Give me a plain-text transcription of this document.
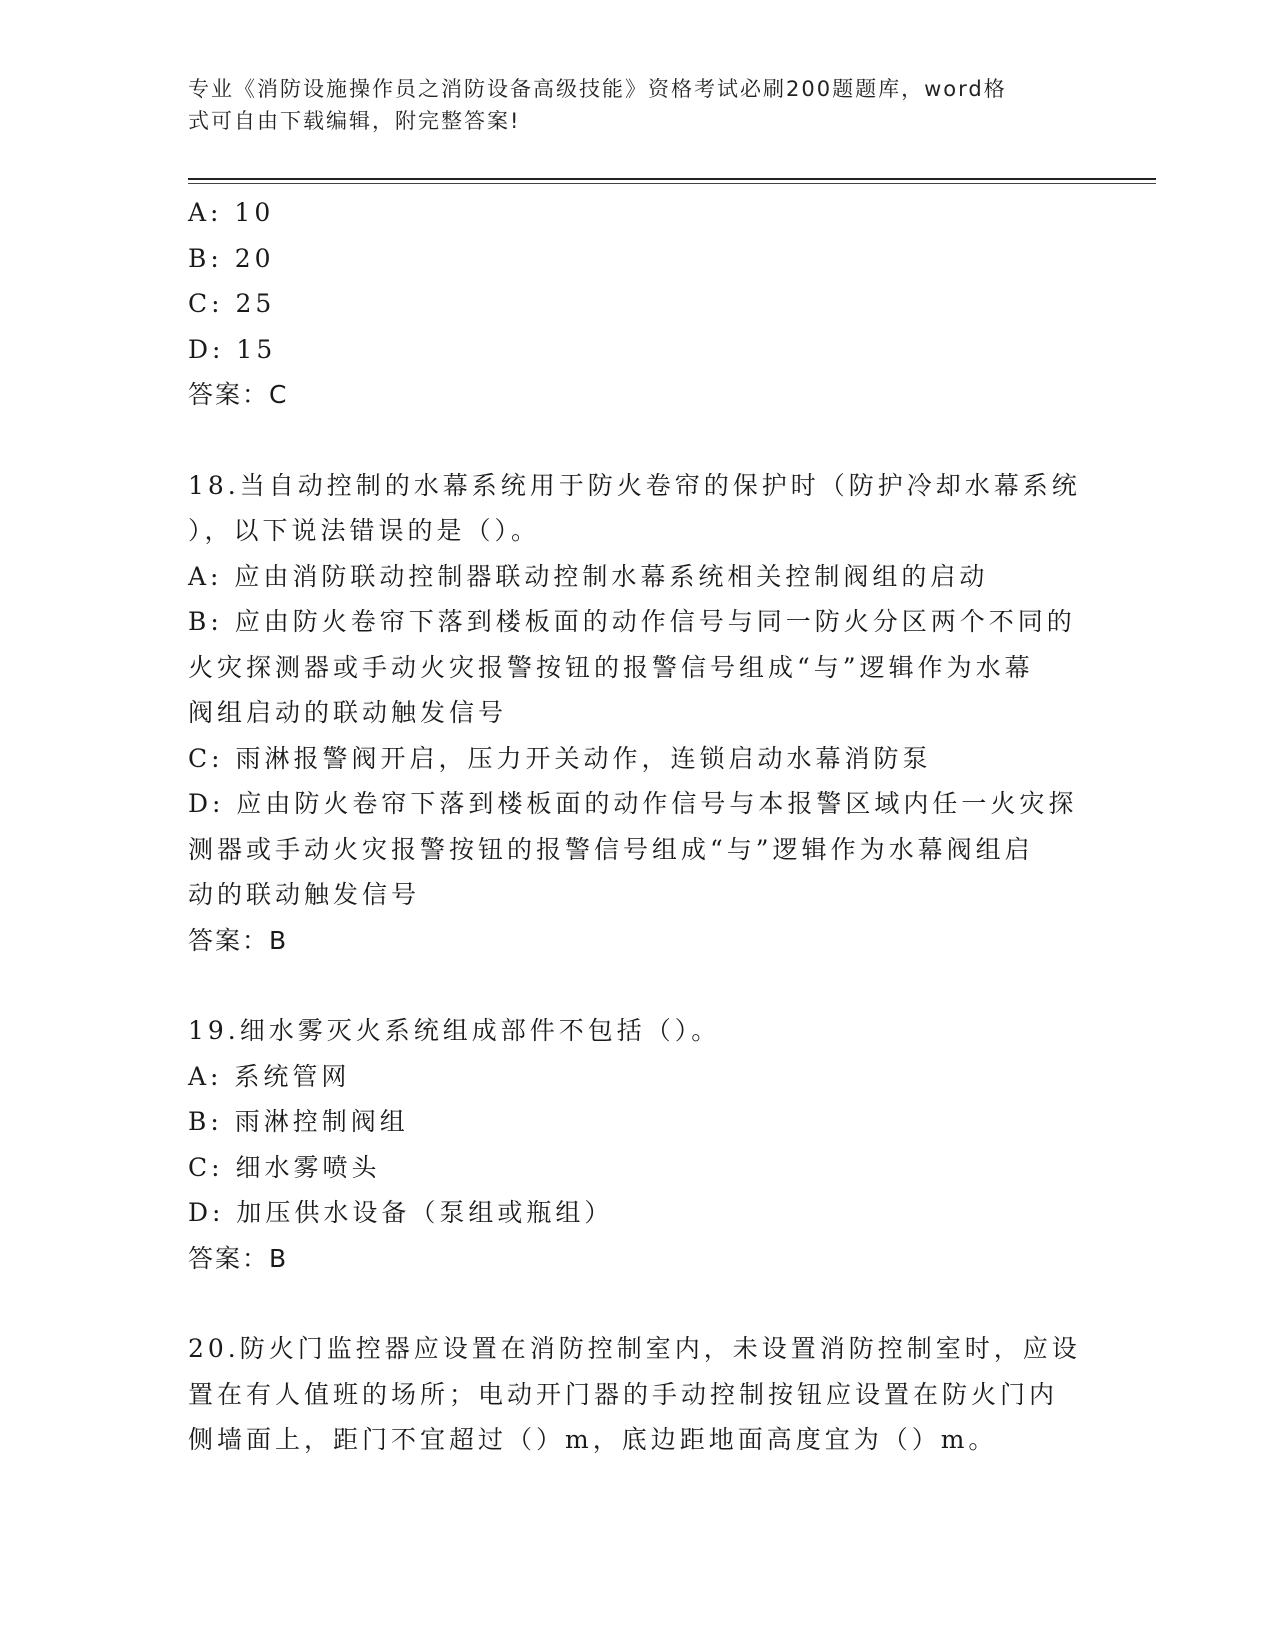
专业《消防设施操作员之消防设备高级技能》资格考试必刷200题题库，word格
式可自由下载编辑，附完整答案!
A: 10
B: 20
C: 25
D: 15
答案：C
18.当自动控制的水幕系统用于防火卷帘的保护时（防护冷却水幕系统
），以下说法错误的是（）。
A: 应由消防联动控制器联动控制水幕系统相关控制阀组的启动
B: 应由防火卷帘下落到楼板面的动作信号与同一防火分区两个不同的
火灾探测器或手动火灾报警按钮的报警信号组成“与”逻辑作为水幕
阀组启动的联动触发信号
C: 雨淋报警阀开启，压力开关动作，连锁启动水幕消防泵
D: 应由防火卷帘下落到楼板面的动作信号与本报警区域内任一火灾探
测器或手动火灾报警按钮的报警信号组成“与”逻辑作为水幕阀组启
动的联动触发信号
答案：B
19.细水雾灭火系统组成部件不包括（）。
A: 系统管网
B: 雨淋控制阀组
C: 细水雾喷头
D: 加压供水设备（泵组或瓶组）
答案：B
20.防火门监控器应设置在消防控制室内，未设置消防控制室时，应设
置在有人值班的场所；电动开门器的手动控制按钮应设置在防火门内
侧墙面上，距门不宜超过（）m，底边距地面高度宜为（）m。
